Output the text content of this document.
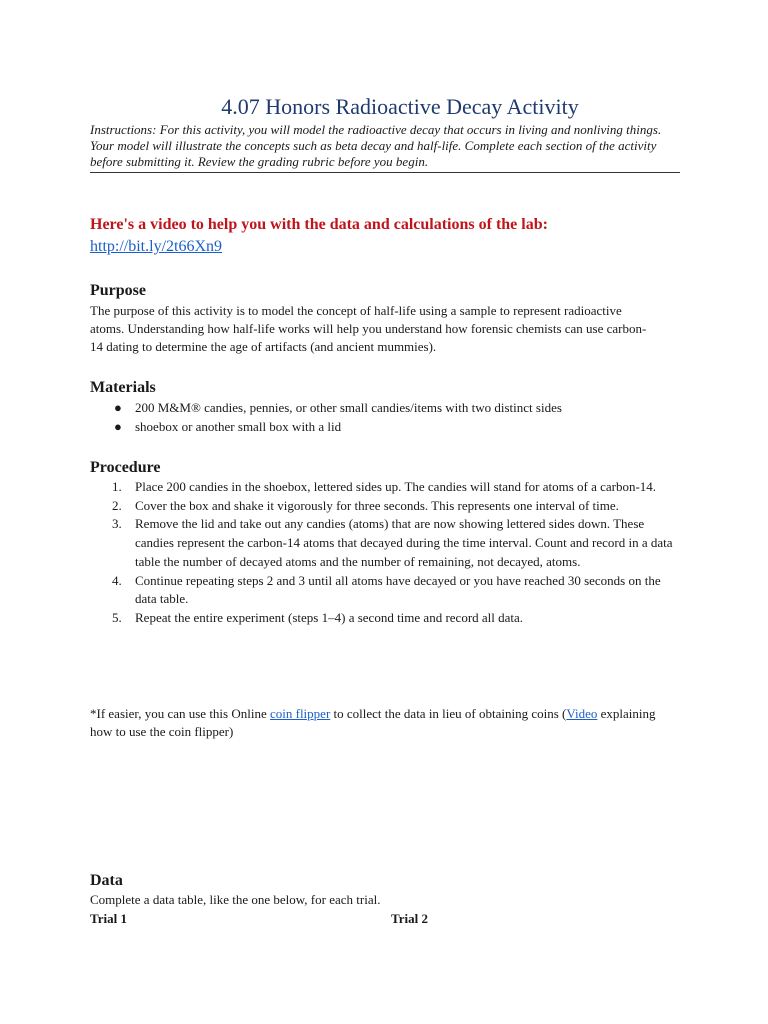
4.07 Honors Radioactive Decay Activity
Instructions: For this activity, you will model the radioactive decay that occurs in living and nonliving things. Your model will illustrate the concepts such as beta decay and half-life. Complete each section of the activity before submitting it. Review the grading rubric before you begin.
Here's a video to help you with the data and calculations of the lab:
http://bit.ly/2t66Xn9
Purpose
The purpose of this activity is to model the concept of half-life using a sample to represent radioactive atoms. Understanding how half-life works will help you understand how forensic chemists can use carbon-14 dating to determine the age of artifacts (and ancient mummies).
Materials
● 200 M&M® candies, pennies, or other small candies/items with two distinct sides
● shoebox or another small box with a lid
Procedure
1. Place 200 candies in the shoebox, lettered sides up. The candies will stand for atoms of a carbon-14.
2. Cover the box and shake it vigorously for three seconds. This represents one interval of time.
3. Remove the lid and take out any candies (atoms) that are now showing lettered sides down. These candies represent the carbon-14 atoms that decayed during the time interval. Count and record in a data table the number of decayed atoms and the number of remaining, not decayed, atoms.
4. Continue repeating steps 2 and 3 until all atoms have decayed or you have reached 30 seconds on the data table.
5. Repeat the entire experiment (steps 1–4) a second time and record all data.
*If easier, you can use this Online coin flipper to collect the data in lieu of obtaining coins (Video explaining how to use the coin flipper)
Data
Complete a data table, like the one below, for each trial.
Trial 1	Trial 2
